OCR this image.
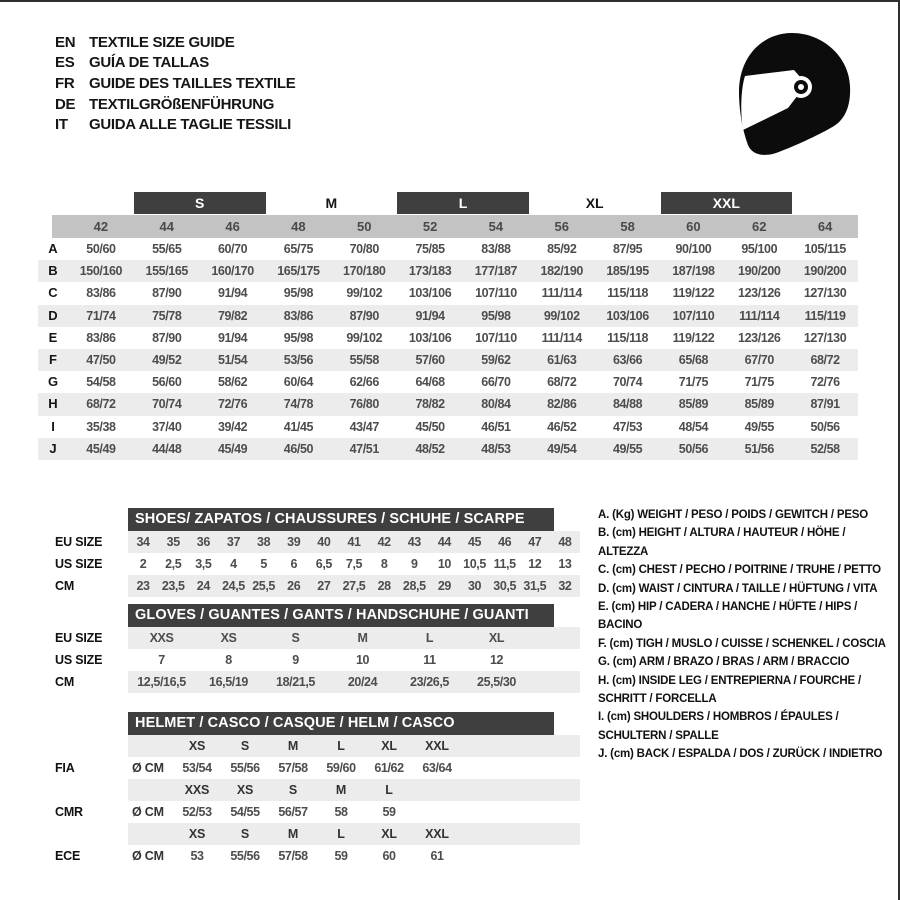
EN TEXTILE SIZE GUIDE
ES GUÍA DE TALLAS
FR GUIDE DES TAILLES TEXTILE
DE TEXTILGRÖßENFÜHRUNG
IT	GUIDA ALLE TAGLIE TESSILI
S	M	L	XL	XXL
42	44	46	48	50	52	54	56	58	60	62	64
A	50/60	55/65	60/70	65/75	70/80	75/85	83/88	85/92	87/95	90/100	95/100	105/115
B	150/160	155/165	160/170	165/175	170/180	173/183	177/187	182/190	185/195	187/198	190/200	190/200
C	83/86	87/90	91/94	95/98	99/102	103/106	107/110	111/114	115/118	119/122	123/126	127/130
D	71/74	75/78	79/82	83/86	87/90	91/94	95/98	99/102	103/106	107/110	111/114	115/119
E	83/86	87/90	91/94	95/98	99/102	103/106	107/110	111/114	115/118	119/122	123/126	127/130
F	47/50	49/52	51/54	53/56	55/58	57/60	59/62	61/63	63/66	65/68	67/70	68/72
G	54/58	56/60	58/62	60/64	62/66	64/68	66/70	68/72	70/74	71/75	71/75	72/76
H	68/72	70/74	72/76	74/78	76/80	78/82	80/84	82/86	84/88	85/89	85/89	87/91
I	35/38	37/40	39/42	41/45	43/47	45/50	46/51	46/52	47/53	48/54	49/55	50/56
J	45/49	44/48	45/49	46/50	47/51	48/52	48/53	49/54	49/55	50/56	51/56	52/58
SHOES/ ZAPATOS / CHAUSSURES / SCHUHE / SCARPE
EU SIZE	34	35	36	37	38	39	40	41	42	43	44	45	46	47	48
US SIZE	2	2,5	3,5	4	5	6	6,5	7,5	8	9	10 10,5 11,5	12	13
CM	23 23,5 24 24,5 25,5 26	27 27,5 28 28,5 29	30 30,5 31,5 32
GLOVES / GUANTES / GANTS / HANDSCHUHE / GUANTI
EU SIZE	XXS	XS	S	M	L	XL
US SIZE	7	8	9	10	11	12
CM	12,5/16,5	16,5/19	18/21,5	20/24	23/26,5	25,5/30
HELMET / CASCO / CASQUE / HELM / CASCO
XS	S	M	L	XL	XXL
FIA	Ø CM	53/54	55/56	57/58	59/60	61/62	63/64
XXS	XS	S	M	L
CMR	Ø CM	52/53	54/55	56/57	58	59
XS	S	M	L	XL	XXL
ECE	Ø CM	53	55/56	57/58	59	60	61
A. (Kg) WEIGHT / PESO / POIDS / GEWITCH / PESO
B. (cm) HEIGHT / ALTURA / HAUTEUR / HÖHE / ALTEZZA
C. (cm) CHEST / PECHO / POITRINE / TRUHE / PETTO
D. (cm) WAIST / CINTURA / TAILLE / HÜFTUNG / VITA
E. (cm) HIP / CADERA / HANCHE / HÜFTE / HIPS / BACINO
F. (cm) TIGH / MUSLO / CUISSE / SCHENKEL / COSCIA
G. (cm) ARM / BRAZO / BRAS / ARM / BRACCIO
H. (cm) INSIDE LEG / ENTREPIERNA / FOURCHE / SCHRITT / FORCELLA
I. (cm) SHOULDERS / HOMBROS / ÉPAULES / SCHULTERN / SPALLE
J. (cm) BACK / ESPALDA / DOS / ZURÜCK / INDIETRO
